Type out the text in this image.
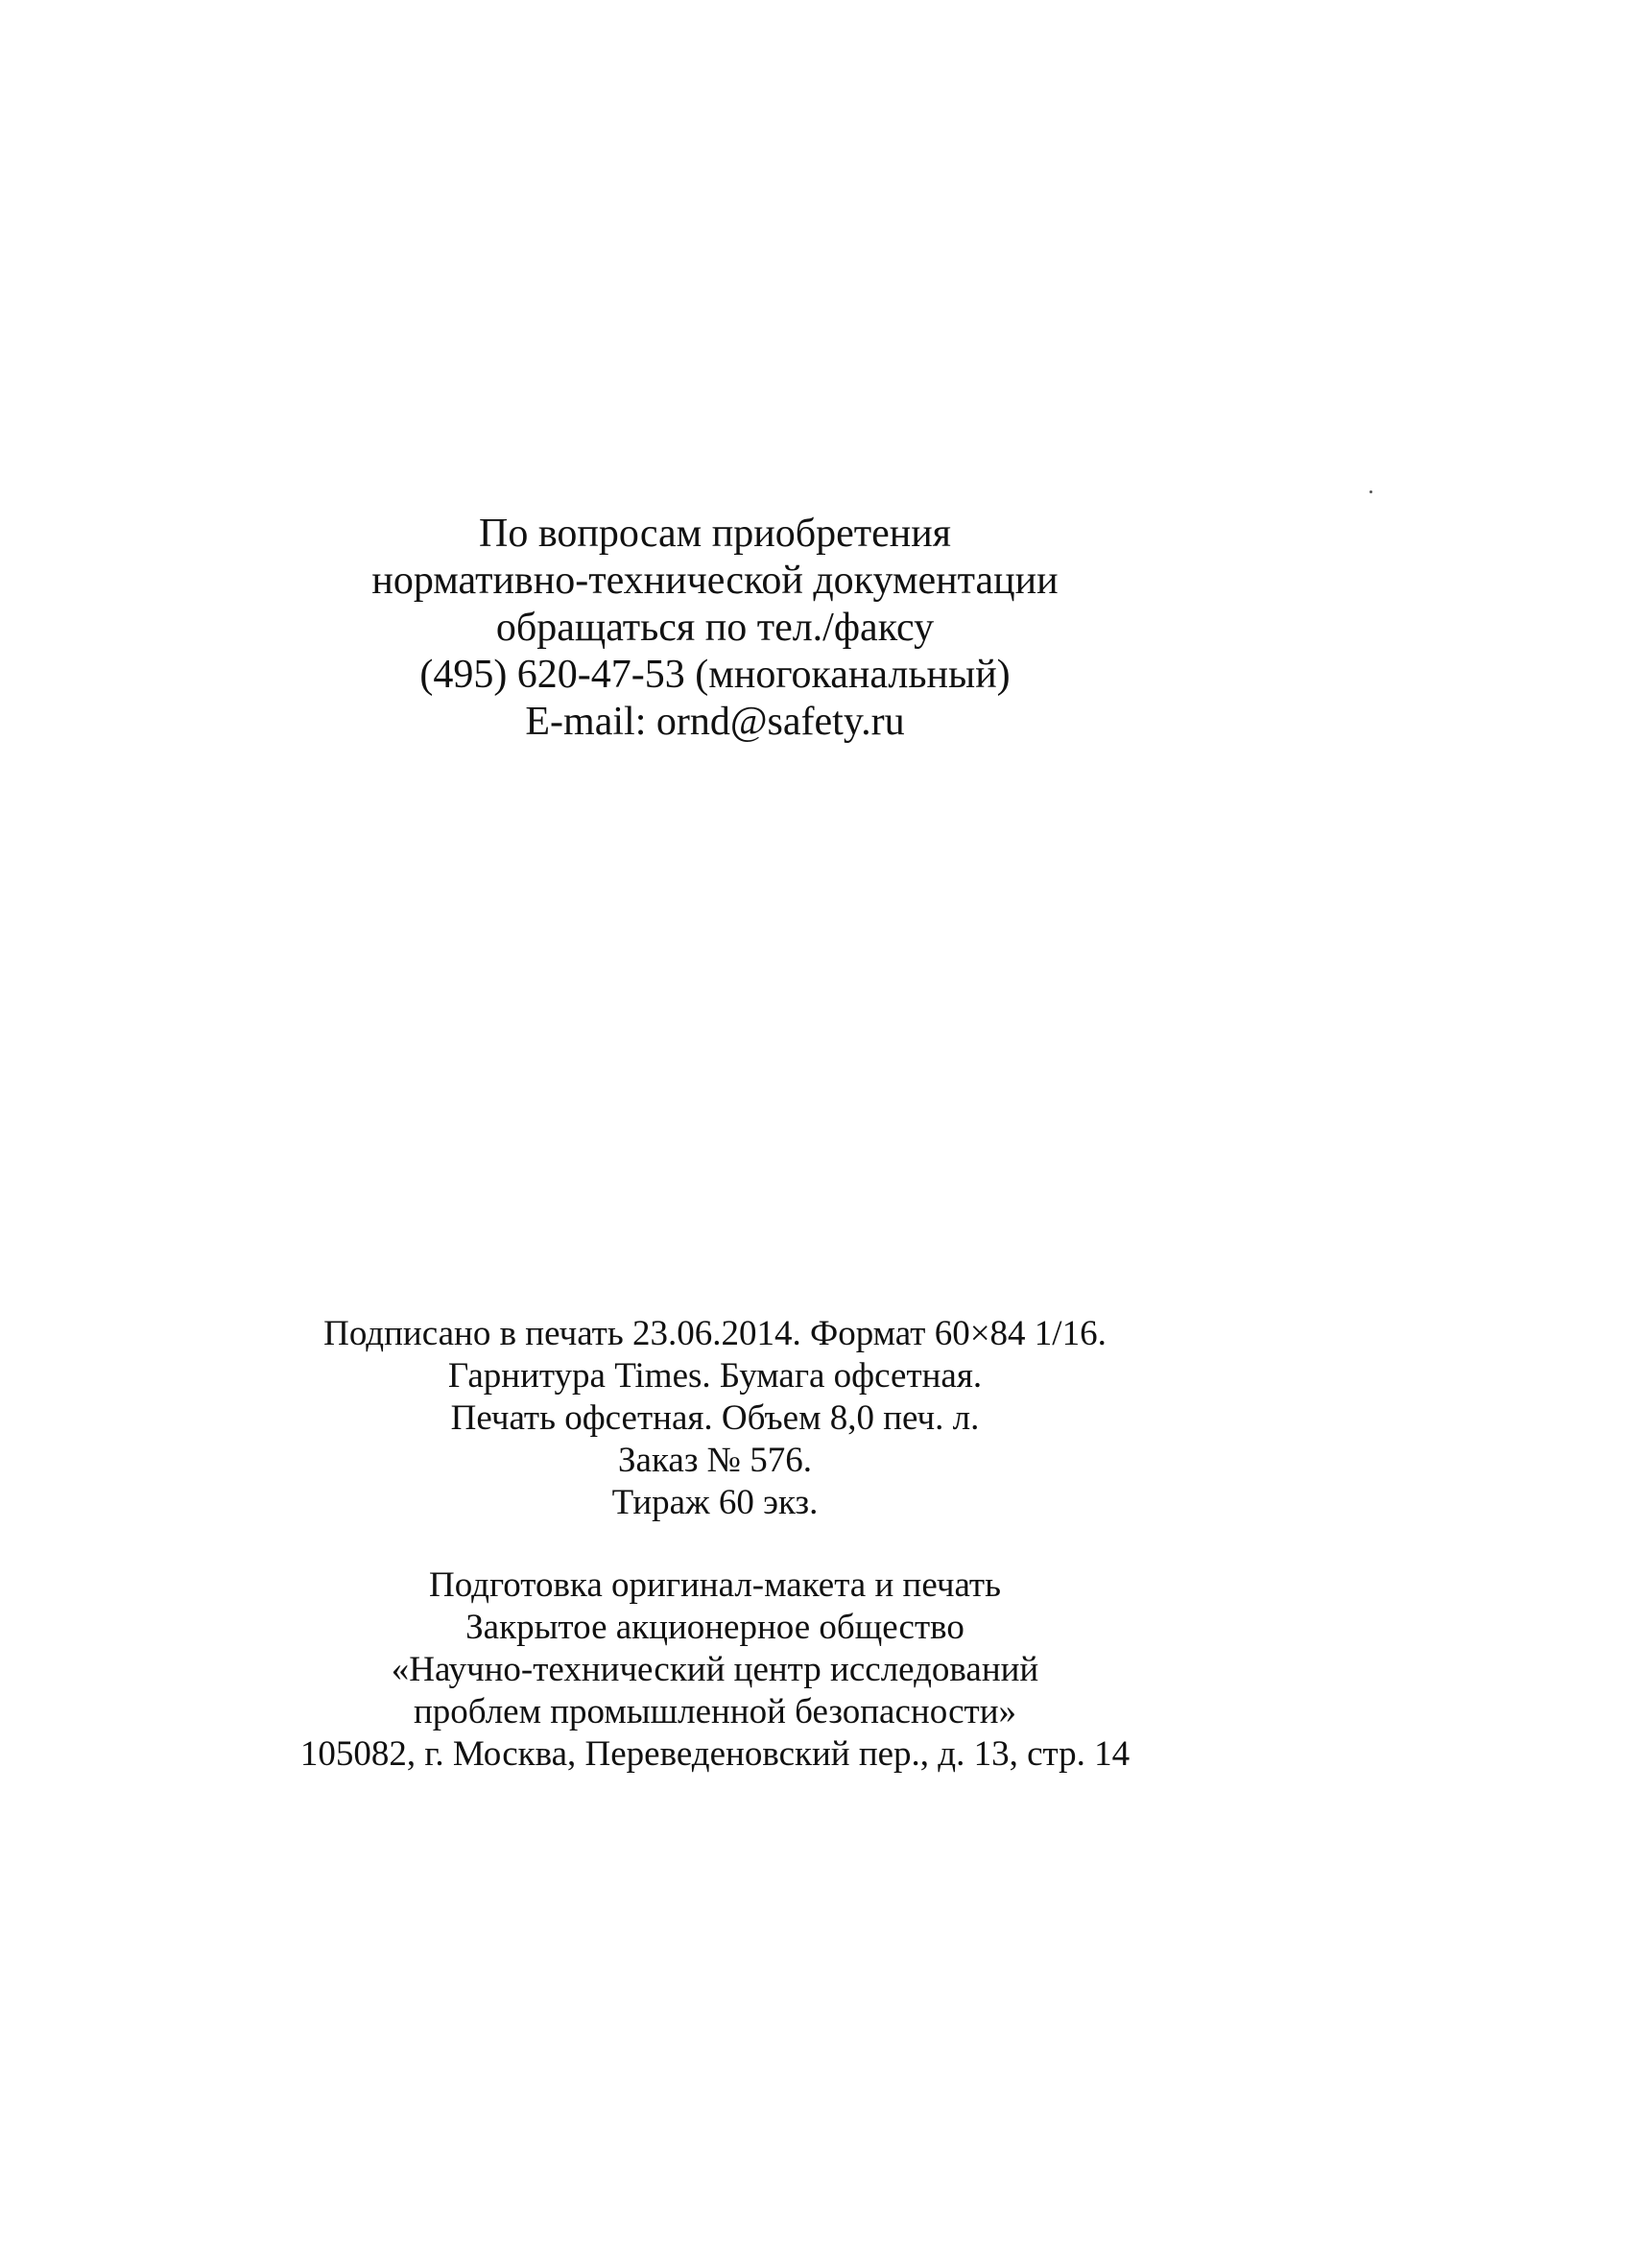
По вопросам приобретения
нормативно-технической документации
обращаться по тел./факсу
(495) 620-47-53 (многоканальный)
E-mail: ornd@safety.ru
Подписано в печать 23.06.2014. Формат 60×84 1/16.
Гарнитура Times. Бумага офсетная.
Печать офсетная. Объем 8,0 печ. л.
Заказ № 576.
Тираж 60 экз.
Подготовка оригинал-макета и печать
Закрытое акционерное общество
«Научно-технический центр исследований
проблем промышленной безопасности»
105082, г. Москва, Переведеновский пер., д. 13, стр. 14
